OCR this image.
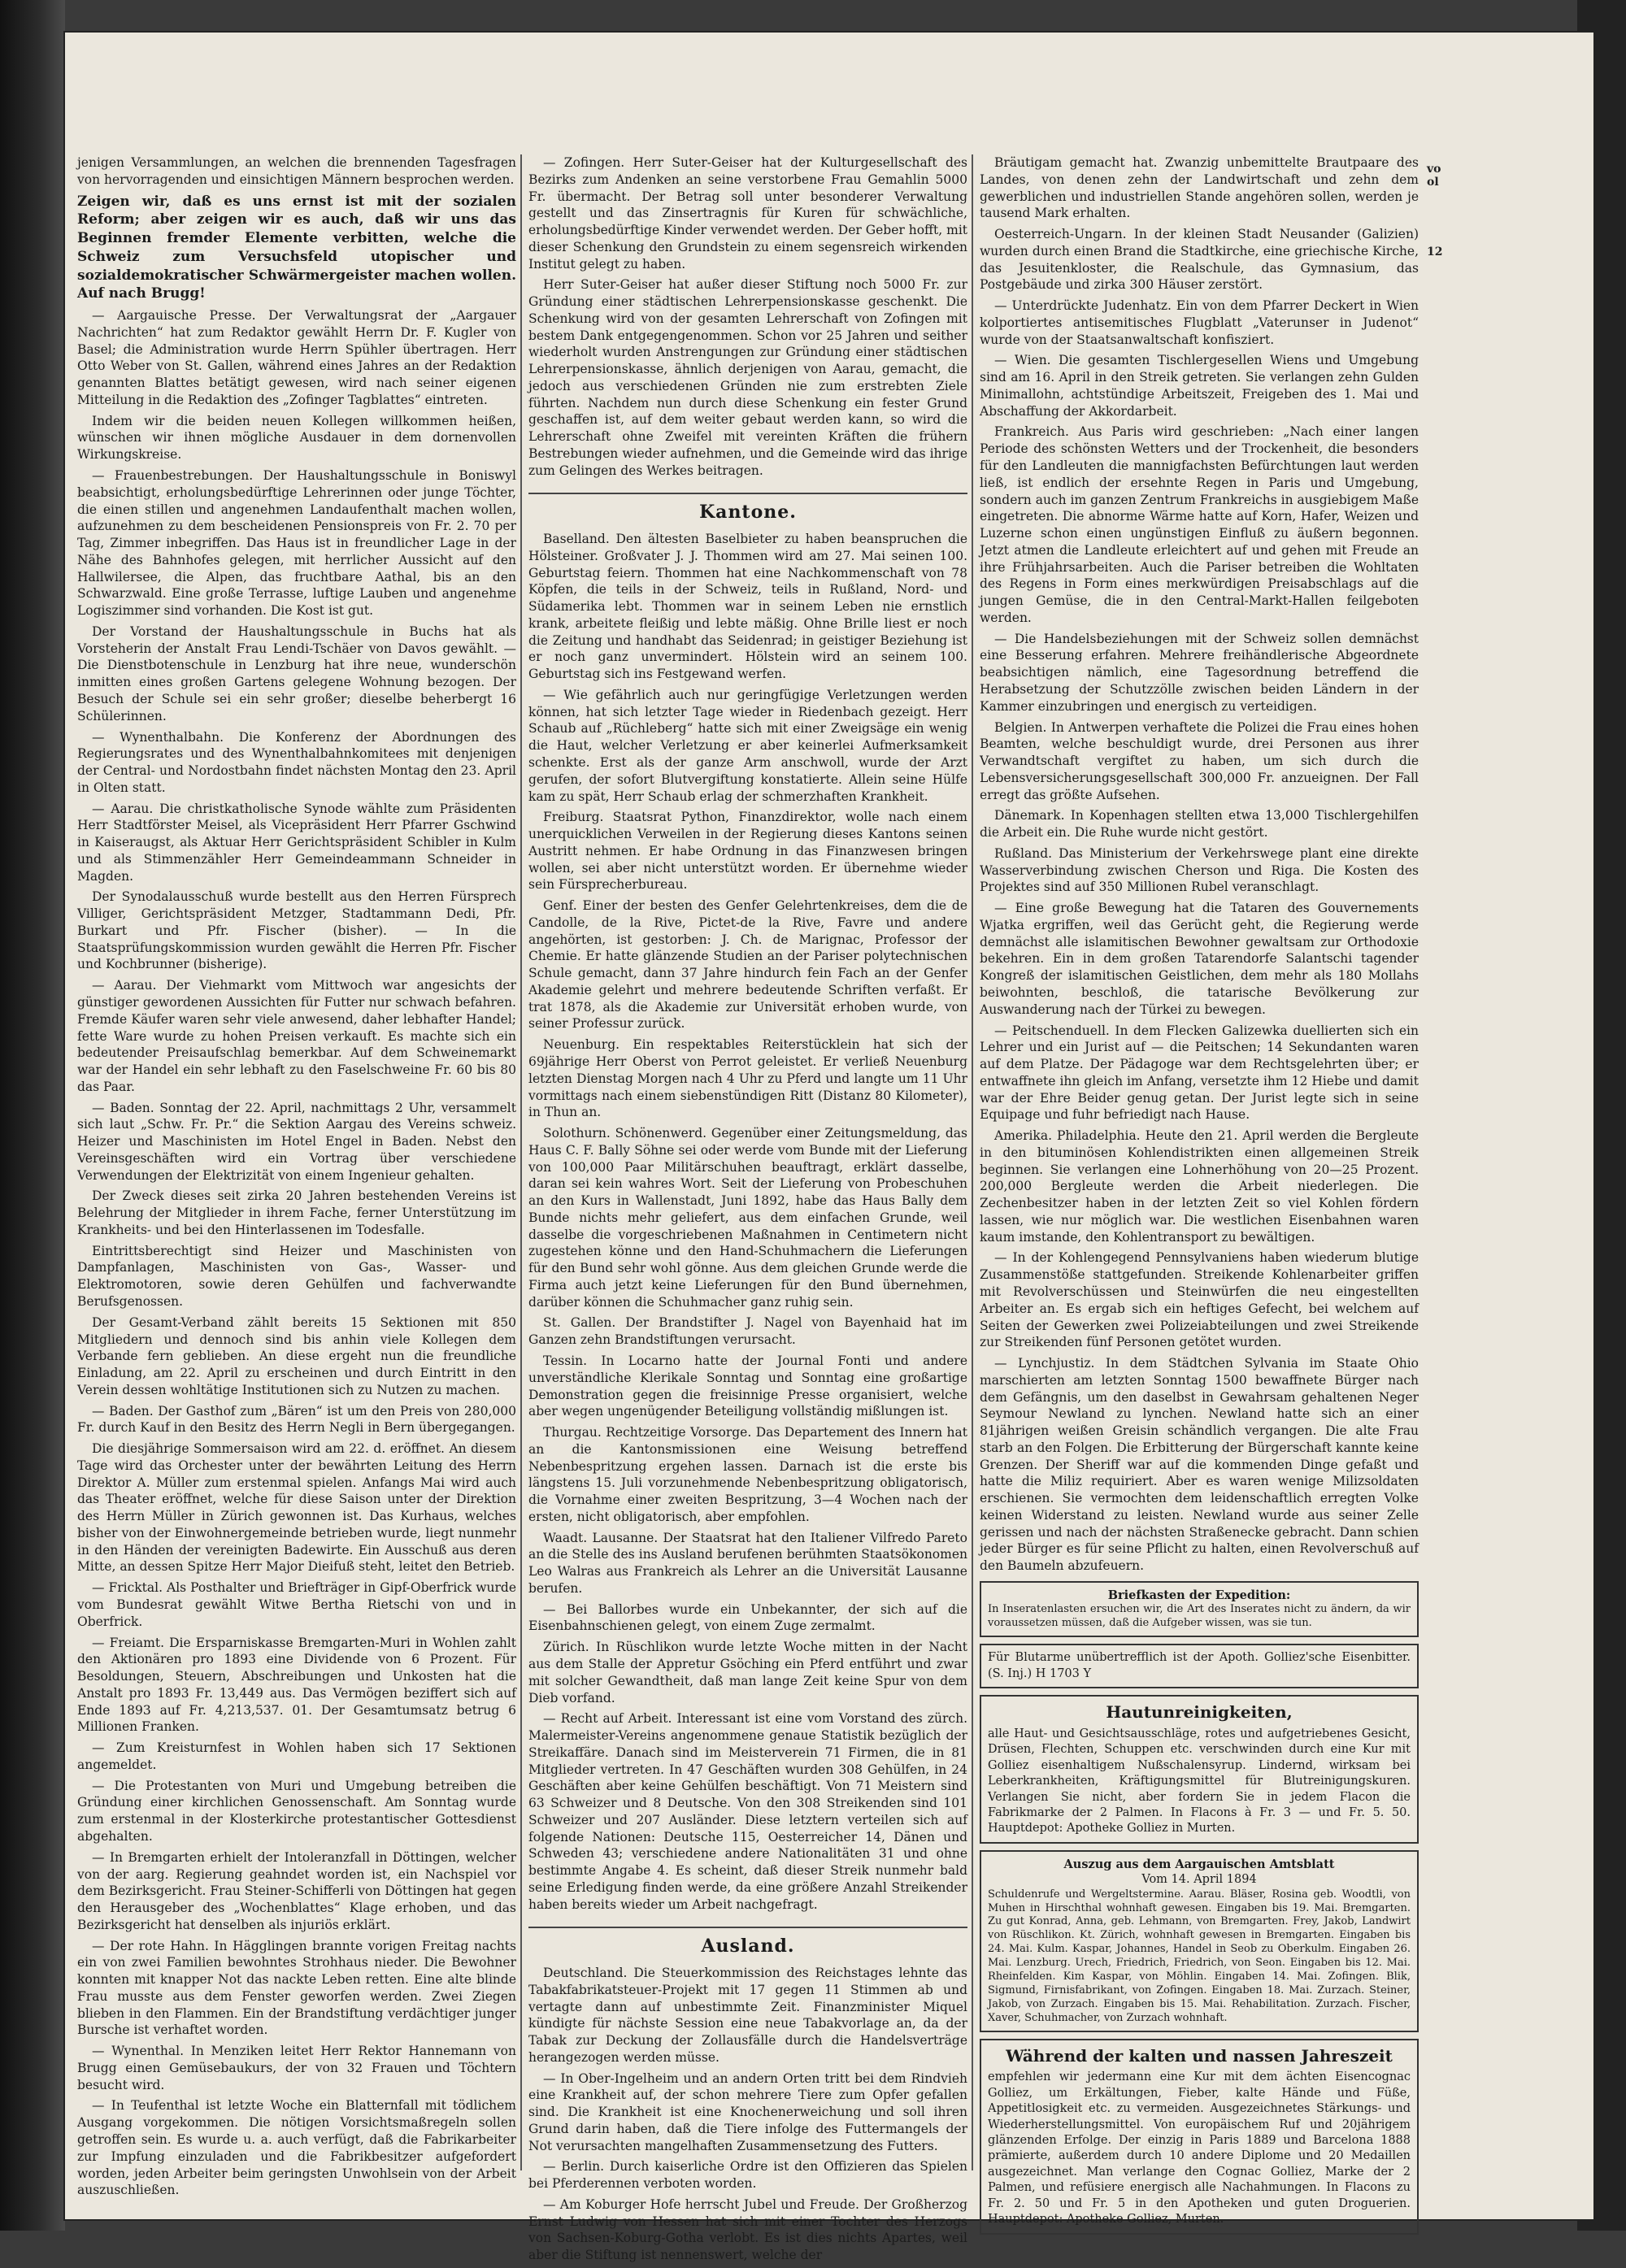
jenigen Versammlungen, an welchen die brennenden Tagesfragen von hervorragenden und einsichtigen Männern besprochen werden.

Zeigen wir, daß es uns ernst ist mit der sozialen Reform; aber zeigen wir es auch, daß wir uns das Beginnen fremder Elemente verbitten, welche die Schweiz zum Versuchsfeld utopischer und sozialdemokratischer Schwärmergeister machen wollen. Auf nach Brugg!

— Aargauische Presse. Der Verwaltungsrat der „Aargauer Nachrichten“ hat zum Redaktor gewählt Herrn Dr. F. Kugler von Basel; die Administration wurde Herrn Spühler übertragen. Herr Otto Weber von St. Gallen, während eines Jahres an der Redaktion genannten Blattes betätigt gewesen, wird nach seiner eigenen Mitteilung in die Redaktion des „Zofinger Tagblattes“ eintreten.

Indem wir die beiden neuen Kollegen willkommen heißen, wünschen wir ihnen mögliche Ausdauer in dem dornenvollen Wirkungskreise.

— Frauenbestrebungen. Der Haushaltungsschule in Boniswyl beabsichtigt, erholungsbedürftige Lehrerinnen oder junge Töchter, die einen stillen und angenehmen Landaufenthalt machen wollen, aufzunehmen zu dem bescheidenen Pensionspreis von Fr. 2. 70 per Tag, Zimmer inbegriffen. Das Haus ist in freundlicher Lage in der Nähe des Bahnhofes gelegen, mit herrlicher Aussicht auf den Hallwilersee, die Alpen, das fruchtbare Aathal, bis an den Schwarzwald. Eine große Terrasse, luftige Lauben und angenehme Logiszimmer sind vorhanden. Die Kost ist gut.

Der Vorstand der Haushaltungsschule in Buchs hat als Vorsteherin der Anstalt Frau Lendi-Tschäer von Davos gewählt. — Die Dienstbotenschule in Lenzburg hat ihre neue, wunderschön inmitten eines großen Gartens gelegene Wohnung bezogen. Der Besuch der Schule sei ein sehr großer; dieselbe beherbergt 16 Schülerinnen.

— Wynenthalbahn. Die Konferenz der Abordnungen des Regierungsrates und des Wynenthalbahnkomitees mit denjenigen der Central- und Nordostbahn findet nächsten Montag den 23. April in Olten statt.

— Aarau. Die christkatholische Synode wählte zum Präsidenten Herr Stadtförster Meisel, als Vicepräsident Herr Pfarrer Gschwind in Kaiseraugst, als Aktuar Herr Gerichtspräsident Schibler in Kulm und als Stimmenzähler Herr Gemeindeammann Schneider in Magden.

Der Synodalausschuß wurde bestellt aus den Herren Fürsprech Villiger, Gerichtspräsident Metzger, Stadtammann Dedi, Pfr. Burkart und Pfr. Fischer (bisher). — In die Staatsprüfungskommission wurden gewählt die Herren Pfr. Fischer und Kochbrunner (bisherige).

— Aarau. Der Viehmarkt vom Mittwoch war angesichts der günstiger gewordenen Aussichten für Futter nur schwach befahren. Fremde Käufer waren sehr viele anwesend, daher lebhafter Handel; fette Ware wurde zu hohen Preisen verkauft. Es machte sich ein bedeutender Preisaufschlag bemerkbar. Auf dem Schweinemarkt war der Handel ein sehr lebhaft zu den Faselschweine Fr. 60 bis 80 das Paar.

— Baden. Sonntag der 22. April, nachmittags 2 Uhr, versammelt sich laut „Schw. Fr. Pr.“ die Sektion Aargau des Vereins schweiz. Heizer und Maschinisten im Hotel Engel in Baden. Nebst den Vereinsgeschäften wird ein Vortrag über verschiedene Verwendungen der Elektrizität von einem Ingenieur gehalten.

Der Zweck dieses seit zirka 20 Jahren bestehenden Vereins ist Belehrung der Mitglieder in ihrem Fache, ferner Unterstützung im Krankheits- und bei den Hinterlassenen im Todesfalle.

Eintrittsberechtigt sind Heizer und Maschinisten von Dampfanlagen, Maschinisten von Gas-, Wasser- und Elektromotoren, sowie deren Gehülfen und fachverwandte Berufsgenossen.

Der Gesamt-Verband zählt bereits 15 Sektionen mit 850 Mitgliedern und dennoch sind bis anhin viele Kollegen dem Verbande fern geblieben. An diese ergeht nun die freundliche Einladung, am 22. April zu erscheinen und durch Eintritt in den Verein dessen wohltätige Institutionen sich zu Nutzen zu machen.

— Baden. Der Gasthof zum „Bären“ ist um den Preis von 280,000 Fr. durch Kauf in den Besitz des Herrn Negli in Bern übergegangen.

Die diesjährige Sommersaison wird am 22. d. eröffnet. An diesem Tage wird das Orchester unter der bewährten Leitung des Herrn Direktor A. Müller zum erstenmal spielen. Anfangs Mai wird auch das Theater eröffnet, welche für diese Saison unter der Direktion des Herrn Müller in Zürich gewonnen ist. Das Kurhaus, welches bisher von der Einwohnergemeinde betrieben wurde, liegt nunmehr in den Händen der vereinigten Badewirte. Ein Ausschuß aus deren Mitte, an dessen Spitze Herr Major Dieifuß steht, leitet den Betrieb.

— Fricktal. Als Posthalter und Briefträger in Gipf-Oberfrick wurde vom Bundesrat gewählt Witwe Bertha Rietschi von und in Oberfrick.

— Freiamt. Die Ersparniskasse Bremgarten-Muri in Wohlen zahlt den Aktionären pro 1893 eine Dividende von 6 Prozent. Für Besoldungen, Steuern, Abschreibungen und Unkosten hat die Anstalt pro 1893 Fr. 13,449 aus. Das Vermögen beziffert sich auf Ende 1893 auf Fr. 4,213,537. 01. Der Gesamtumsatz betrug 6 Millionen Franken.

— Zum Kreisturnfest in Wohlen haben sich 17 Sektionen angemeldet.

— Die Protestanten von Muri und Umgebung betreiben die Gründung einer kirchlichen Genossenschaft. Am Sonntag wurde zum erstenmal in der Klosterkirche protestantischer Gottesdienst abgehalten.

— In Bremgarten erhielt der Intoleranzfall in Döttingen, welcher von der aarg. Regierung geahndet worden ist, ein Nachspiel vor dem Bezirksgericht. Frau Steiner-Schifferli von Döttingen hat gegen den Herausgeber des „Wochenblattes“ Klage erhoben, und das Bezirksgericht hat denselben als injuriös erklärt.

— Der rote Hahn. In Hägglingen brannte vorigen Freitag nachts ein von zwei Familien bewohntes Strohhaus nieder. Die Bewohner konnten mit knapper Not das nackte Leben retten. Eine alte blinde Frau musste aus dem Fenster geworfen werden. Zwei Ziegen blieben in den Flammen. Ein der Brandstiftung verdächtiger junger Bursche ist verhaftet worden.

— Wynenthal. In Menziken leitet Herr Rektor Hannemann von Brugg einen Gemüsebaukurs, der von 32 Frauen und Töchtern besucht wird.

— In Teufenthal ist letzte Woche ein Blatternfall mit tödlichem Ausgang vorgekommen. Die nötigen Vorsichtsmaßregeln sollen getroffen sein. Es wurde u. a. auch verfügt, daß die Fabrikarbeiter zur Impfung einzuladen und die Fabrikbesitzer aufgefordert worden, jeden Arbeiter beim geringsten Unwohlsein von der Arbeit auszuschließen.

— Zofingen. Herr Suter-Geiser hat der Kulturgesellschaft des Bezirks zum Andenken an seine verstorbene Frau Gemahlin 5000 Fr. übermacht. Der Betrag soll unter besonderer Verwaltung gestellt und das Zinsertragnis für Kuren für schwächliche, erholungsbedürftige Kinder verwendet werden. Der Geber hofft, mit dieser Schenkung den Grundstein zu einem segensreich wirkenden Institut gelegt zu haben.

Herr Suter-Geiser hat außer dieser Stiftung noch 5000 Fr. zur Gründung einer städtischen Lehrerpensionskasse geschenkt. Die Schenkung wird von der gesamten Lehrerschaft von Zofingen mit bestem Dank entgegengenommen. Schon vor 25 Jahren und seither wiederholt wurden Anstrengungen zur Gründung einer städtischen Lehrerpensionskasse, ähnlich derjenigen von Aarau, gemacht, die jedoch aus verschiedenen Gründen nie zum erstrebten Ziele führten. Nachdem nun durch diese Schenkung ein fester Grund geschaffen ist, auf dem weiter gebaut werden kann, so wird die Lehrerschaft ohne Zweifel mit vereinten Kräften die frühern Bestrebungen wieder aufnehmen, und die Gemeinde wird das ihrige zum Gelingen des Werkes beitragen.

Kantone.

Baselland. Den ältesten Baselbieter zu haben beanspruchen die Hölsteiner. Großvater J. J. Thommen wird am 27. Mai seinen 100. Geburtstag feiern. Thommen hat eine Nachkommenschaft von 78 Köpfen, die teils in der Schweiz, teils in Rußland, Nord- und Südamerika lebt. Thommen war in seinem Leben nie ernstlich krank, arbeitete fleißig und lebte mäßig. Ohne Brille liest er noch die Zeitung und handhabt das Seidenrad; in geistiger Beziehung ist er noch ganz unvermindert. Hölstein wird an seinem 100. Geburtstag sich ins Festgewand werfen.

— Wie gefährlich auch nur geringfügige Verletzungen werden können, hat sich letzter Tage wieder in Riedenbach gezeigt. Herr Schaub auf „Rüchleberg“ hatte sich mit einer Zweigsäge ein wenig die Haut, welcher Verletzung er aber keinerlei Aufmerksamkeit schenkte. Erst als der ganze Arm anschwoll, wurde der Arzt gerufen, der sofort Blutvergiftung konstatierte. Allein seine Hülfe kam zu spät, Herr Schaub erlag der schmerzhaften Krankheit.

Freiburg. Staatsrat Python, Finanzdirektor, wolle nach einem unerquicklichen Verweilen in der Regierung dieses Kantons seinen Austritt nehmen. Er habe Ordnung in das Finanzwesen bringen wollen, sei aber nicht unterstützt worden. Er übernehme wieder sein Fürsprecherbureau.

Genf. Einer der besten des Genfer Gelehrtenkreises, dem die de Candolle, de la Rive, Pictet-de la Rive, Favre und andere angehörten, ist gestorben: J. Ch. de Marignac, Professor der Chemie. Er hatte glänzende Studien an der Pariser polytechnischen Schule gemacht, dann 37 Jahre hindurch fein Fach an der Genfer Akademie gelehrt und mehrere bedeutende Schriften verfaßt. Er trat 1878, als die Akademie zur Universität erhoben wurde, von seiner Professur zurück.

Neuenburg. Ein respektables Reiterstücklein hat sich der 69jährige Herr Oberst von Perrot geleistet. Er verließ Neuenburg letzten Dienstag Morgen nach 4 Uhr zu Pferd und langte um 11 Uhr vormittags nach einem siebenstündigen Ritt (Distanz 80 Kilometer), in Thun an.

Solothurn. Schönenwerd. Gegenüber einer Zeitungsmeldung, das Haus C. F. Bally Söhne sei oder werde vom Bunde mit der Lieferung von 100,000 Paar Militärschuhen beauftragt, erklärt dasselbe, daran sei kein wahres Wort. Seit der Lieferung von Probeschuhen an den Kurs in Wallenstadt, Juni 1892, habe das Haus Bally dem Bunde nichts mehr geliefert, aus dem einfachen Grunde, weil dasselbe die vorgeschriebenen Maßnahmen in Centimetern nicht zugestehen könne und den Hand-Schuhmachern die Lieferungen für den Bund sehr wohl gönne. Aus dem gleichen Grunde werde die Firma auch jetzt keine Lieferungen für den Bund übernehmen, darüber können die Schuhmacher ganz ruhig sein.

St. Gallen. Der Brandstifter J. Nagel von Bayenhaid hat im Ganzen zehn Brandstiftungen verursacht.

Tessin. In Locarno hatte der Journal Fonti und andere unverständliche Klerikale Sonntag und Sonntag eine großartige Demonstration gegen die freisinnige Presse organisiert, welche aber wegen ungenügender Beteiligung vollständig mißlungen ist.

Thurgau. Rechtzeitige Vorsorge. Das Departement des Innern hat an die Kantonsmissionen eine Weisung betreffend Nebenbespritzung ergehen lassen. Darnach ist die erste bis längstens 15. Juli vorzunehmende Nebenbespritzung obligatorisch, die Vornahme einer zweiten Bespritzung, 3—4 Wochen nach der ersten, nicht obligatorisch, aber empfohlen.

Waadt. Lausanne. Der Staatsrat hat den Italiener Vilfredo Pareto an die Stelle des ins Ausland berufenen berühmten Staatsökonomen Leo Walras aus Frankreich als Lehrer an die Universität Lausanne berufen.

— Bei Ballorbes wurde ein Unbekannter, der sich auf die Eisenbahnschienen gelegt, von einem Zuge zermalmt.

Zürich. In Rüschlikon wurde letzte Woche mitten in der Nacht aus dem Stalle der Appretur Gsöching ein Pferd entführt und zwar mit solcher Gewandtheit, daß man lange Zeit keine Spur von dem Dieb vorfand.

— Recht auf Arbeit. Interessant ist eine vom Vorstand des zürch. Malermeister-Vereins angenommene genaue Statistik bezüglich der Streikaffäre. Danach sind im Meisterverein 71 Firmen, die in 81 Mitglieder vertreten. In 47 Geschäften wurden 308 Gehülfen, in 24 Geschäften aber keine Gehülfen beschäftigt. Von 71 Meistern sind 63 Schweizer und 8 Deutsche. Von den 308 Streikenden sind 101 Schweizer und 207 Ausländer. Diese letztern verteilen sich auf folgende Nationen: Deutsche 115, Oesterreicher 14, Dänen und Schweden 43; verschiedene andere Nationalitäten 31 und ohne bestimmte Angabe 4. Es scheint, daß dieser Streik nunmehr bald seine Erledigung finden werde, da eine größere Anzahl Streikender haben bereits wieder um Arbeit nachgefragt.

Ausland.

Deutschland. Die Steuerkommission des Reichstages lehnte das Tabakfabrikatsteuer-Projekt mit 17 gegen 11 Stimmen ab und vertagte dann auf unbestimmte Zeit. Finanzminister Miquel kündigte für nächste Session eine neue Tabakvorlage an, da der Tabak zur Deckung der Zollausfälle durch die Handelsverträge herangezogen werden müsse.

— In Ober-Ingelheim und an andern Orten tritt bei dem Rindvieh eine Krankheit auf, der schon mehrere Tiere zum Opfer gefallen sind. Die Krankheit ist eine Knochenerweichung und soll ihren Grund darin haben, daß die Tiere infolge des Futtermangels der Not verursachten mangelhaften Zusammensetzung des Futters.

— Berlin. Durch kaiserliche Ordre ist den Offizieren das Spielen bei Pferderennen verboten worden.

— Am Koburger Hofe herrscht Jubel und Freude. Der Großherzog Ernst Ludwig von Hessen hat sich mit einer Tochter des Herzogs von Sachsen-Koburg-Gotha verlobt. Es ist dies nichts Apartes, weil aber die Stiftung ist nennenswert, welche der

Bräutigam gemacht hat. Zwanzig unbemittelte Brautpaare des Landes, von denen zehn der Landwirtschaft und zehn dem gewerblichen und industriellen Stande angehören sollen, werden je tausend Mark erhalten.

Oesterreich-Ungarn. In der kleinen Stadt Neusander (Galizien) wurden durch einen Brand die Stadtkirche, eine griechische Kirche, das Jesuitenkloster, die Realschule, das Gymnasium, das Postgebäude und zirka 300 Häuser zerstört.

— Unterdrückte Judenhatz. Ein von dem Pfarrer Deckert in Wien kolportiertes antisemitisches Flugblatt „Vaterunser in Judenot“ wurde von der Staatsanwaltschaft konfisziert.

— Wien. Die gesamten Tischlergesellen Wiens und Umgebung sind am 16. April in den Streik getreten. Sie verlangen zehn Gulden Minimallohn, achtstündige Arbeitszeit, Freigeben des 1. Mai und Abschaffung der Akkordarbeit.

Frankreich. Aus Paris wird geschrieben: „Nach einer langen Periode des schönsten Wetters und der Trockenheit, die besonders für den Landleuten die mannigfachsten Befürchtungen laut werden ließ, ist endlich der ersehnte Regen in Paris und Umgebung, sondern auch im ganzen Zentrum Frankreichs in ausgiebigem Maße eingetreten. Die abnorme Wärme hatte auf Korn, Hafer, Weizen und Luzerne schon einen ungünstigen Einfluß zu äußern begonnen. Jetzt atmen die Landleute erleichtert auf und gehen mit Freude an ihre Frühjahrsarbeiten. Auch die Pariser betreiben die Wohltaten des Regens in Form eines merkwürdigen Preisabschlags auf die jungen Gemüse, die in den Central-Markt-Hallen feilgeboten werden.

— Die Handelsbeziehungen mit der Schweiz sollen demnächst eine Besserung erfahren. Mehrere freihändlerische Abgeordnete beabsichtigen nämlich, eine Tagesordnung betreffend die Herabsetzung der Schutzzölle zwischen beiden Ländern in der Kammer einzubringen und energisch zu verteidigen.

Belgien. In Antwerpen verhaftete die Polizei die Frau eines hohen Beamten, welche beschuldigt wurde, drei Personen aus ihrer Verwandtschaft vergiftet zu haben, um sich durch die Lebensversicherungsgesellschaft 300,000 Fr. anzueignen. Der Fall erregt das größte Aufsehen.

Dänemark. In Kopenhagen stellten etwa 13,000 Tischlergehilfen die Arbeit ein. Die Ruhe wurde nicht gestört.

Rußland. Das Ministerium der Verkehrswege plant eine direkte Wasserverbindung zwischen Cherson und Riga. Die Kosten des Projektes sind auf 350 Millionen Rubel veranschlagt.

— Eine große Bewegung hat die Tataren des Gouvernements Wjatka ergriffen, weil das Gerücht geht, die Regierung werde demnächst alle islamitischen Bewohner gewaltsam zur Orthodoxie bekehren. Ein in dem großen Tatarendorfe Salantschi tagender Kongreß der islamitischen Geistlichen, dem mehr als 180 Mollahs beiwohnten, beschloß, die tatarische Bevölkerung zur Auswanderung nach der Türkei zu bewegen.

— Peitschenduell. In dem Flecken Galizewka duellierten sich ein Lehrer und ein Jurist auf — die Peitschen; 14 Sekundanten waren auf dem Platze. Der Pädagoge war dem Rechtsgelehrten über; er entwaffnete ihn gleich im Anfang, versetzte ihm 12 Hiebe und damit war der Ehre Beider genug getan. Der Jurist legte sich in seine Equipage und fuhr befriedigt nach Hause.

Amerika. Philadelphia. Heute den 21. April werden die Bergleute in den bituminösen Kohlendistrikten einen allgemeinen Streik beginnen. Sie verlangen eine Lohnerhöhung von 20—25 Prozent. 200,000 Bergleute werden die Arbeit niederlegen. Die Zechenbesitzer haben in der letzten Zeit so viel Kohlen fördern lassen, wie nur möglich war. Die westlichen Eisenbahnen waren kaum imstande, den Kohlentransport zu bewältigen.

— In der Kohlengegend Pennsylvaniens haben wiederum blutige Zusammenstöße stattgefunden. Streikende Kohlenarbeiter griffen mit Revolverschüssen und Steinwürfen die neu eingestellten Arbeiter an. Es ergab sich ein heftiges Gefecht, bei welchem auf Seiten der Gewerken zwei Polizeiabteilungen und zwei Streikende zur Streikenden fünf Personen getötet wurden.

— Lynchjustiz. In dem Städtchen Sylvania im Staate Ohio marschierten am letzten Sonntag 1500 bewaffnete Bürger nach dem Gefängnis, um den daselbst in Gewahrsam gehaltenen Neger Seymour Newland zu lynchen. Newland hatte sich an einer 81jährigen weißen Greisin schändlich vergangen. Die alte Frau starb an den Folgen. Die Erbitterung der Bürgerschaft kannte keine Grenzen. Der Sheriff war auf die kommenden Dinge gefaßt und hatte die Miliz requiriert. Aber es waren wenige Milizsoldaten erschienen. Sie vermochten dem leidenschaftlich erregten Volke keinen Widerstand zu leisten. Newland wurde aus seiner Zelle gerissen und nach der nächsten Straßenecke gebracht. Dann schien jeder Bürger es für seine Pflicht zu halten, einen Revolverschuß auf den Baumeln abzufeuern.

Briefkasten der Expedition:
In Inseratenlasten ersuchen wir, die Art des Inserates nicht zu ändern, da wir voraussetzen müssen, daß die Aufgeber wissen, was sie tun.
Für Blutarme unübertrefflich ist der Apoth. Golliez'sche Eisenbitter. (S. Inj.) H 1703 Y
Hautunreinigkeiten,
alle Haut- und Gesichtsausschläge, rotes und aufgetriebenes Gesicht, Drüsen, Flechten, Schuppen etc. verschwinden durch eine Kur mit Golliez eisenhaltigem Nußschalensyrup. Lindernd, wirksam bei Leberkrankheiten, Kräftigungsmittel für Blutreinigungskuren. Verlangen Sie nicht, aber fordern Sie in jedem Flacon die Fabrikmarke der 2 Palmen. In Flacons à Fr. 3 — und Fr. 5. 50. Hauptdepot: Apotheke Golliez in Murten.
Auszug aus dem Aargauischen Amtsblatt
Vom 14. April 1894
Schuldenrufe und Wergeltstermine. Aarau. Bläser, Rosina geb. Woodtli, von Muhen in Hirschthal wohnhaft gewesen. Eingaben bis 19. Mai. Bremgarten. Zu gut Konrad, Anna, geb. Lehmann, von Bremgarten. Frey, Jakob, Landwirt von Rüschlikon. Kt. Zürich, wohnhaft gewesen in Bremgarten. Eingaben bis 24. Mai. Kulm. Kaspar, Johannes, Handel in Seob zu Oberkulm. Eingaben 26. Mai. Lenzburg. Urech, Friedrich, Friedrich, von Seon. Eingaben bis 12. Mai. Rheinfelden. Kim Kaspar, von Möhlin. Eingaben 14. Mai. Zofingen. Blik, Sigmund, Firnisfabrikant, von Zofingen. Eingaben 18. Mai. Zurzach. Steiner, Jakob, von Zurzach. Eingaben bis 15. Mai. Rehabilitation. Zurzach. Fischer, Xaver, Schuhmacher, von Zurzach wohnhaft.
Während der kalten und nassen Jahreszeit
empfehlen wir jedermann eine Kur mit dem ächten Eisencognac Golliez, um Erkältungen, Fieber, kalte Hände und Füße, Appetitlosigkeit etc. zu vermeiden. Ausgezeichnetes Stärkungs- und Wiederherstellungsmittel. Von europäischem Ruf und 20jährigem glänzenden Erfolge. Der einzig in Paris 1889 und Barcelona 1888 prämierte, außerdem durch 10 andere Diplome und 20 Medaillen ausgezeichnet. Man verlange den Cognac Golliez, Marke der 2 Palmen, und refüsiere energisch alle Nachahmungen. In Flacons zu Fr. 2. 50 und Fr. 5 in den Apotheken und guten Droguerien. Hauptdepot: Apotheke Golliez, Murten.
vo
ol
12
